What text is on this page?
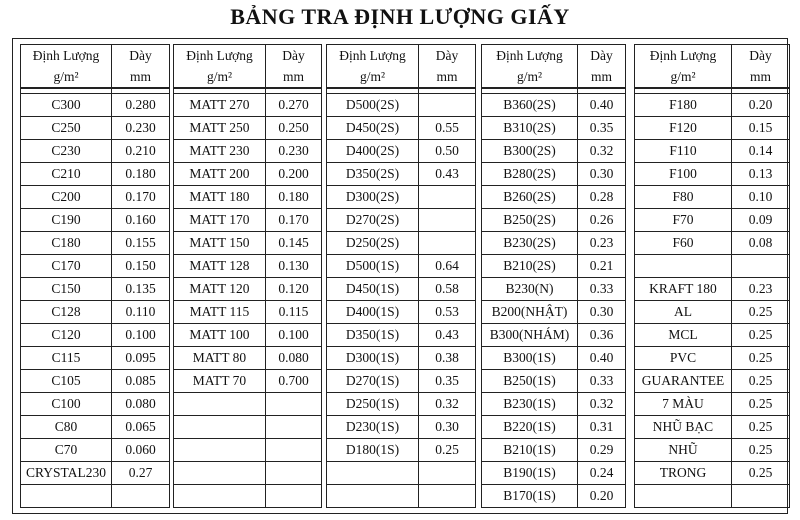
BẢNG TRA ĐỊNH LƯỢNG GIẤY
Định Lượng	Dày
g/m²	mm

C300	0.280
C250	0.230
C230	0.210
C210	0.180
C200	0.170
C190	0.160
C180	0.155
C170	0.150
C150	0.135
C128	0.110
C120	0.100
C115	0.095
C105	0.085
C100	0.080
C80	0.065
C70	0.060
CRYSTAL230	0.27

Định Lượng	Dày
g/m²	mm

MATT 270	0.270
MATT 250	0.250
MATT 230	0.230
MATT 200	0.200
MATT 180	0.180
MATT 170	0.170
MATT 150	0.145
MATT 128	0.130
MATT 120	0.120
MATT 115	0.115
MATT 100	0.100
MATT 80	0.080
MATT 70	0.700

Định Lượng	Dày
g/m²	mm

D500(2S)	
D450(2S)	0.55
D400(2S)	0.50
D350(2S)	0.43
D300(2S)	
D270(2S)	
D250(2S)	
D500(1S)	0.64
D450(1S)	0.58
D400(1S)	0.53
D350(1S)	0.43
D300(1S)	0.38
D270(1S)	0.35
D250(1S)	0.32
D230(1S)	0.30
D180(1S)	0.25

Định Lượng	Dày
g/m²	mm

B360(2S)	0.40
B310(2S)	0.35
B300(2S)	0.32
B280(2S)	0.30
B260(2S)	0.28
B250(2S)	0.26
B230(2S)	0.23
B210(2S)	0.21
B230(N)	0.33
B200(NHẬT)	0.30
B300(NHÁM)	0.36
B300(1S)	0.40
B250(1S)	0.33
B230(1S)	0.32
B220(1S)	0.31
B210(1S)	0.29
B190(1S)	0.24
B170(1S)	0.20
Định Lượng	Dày
g/m²	mm

F180	0.20
F120	0.15
F110	0.14
F100	0.13
F80	0.10
F70	0.09
F60	0.08

KRAFT 180	0.23
AL	0.25
MCL	0.25
PVC	0.25
GUARANTEE	0.25
7 MÀU	0.25
NHŨ BẠC	0.25
NHŨ	0.25
TRONG	0.25
